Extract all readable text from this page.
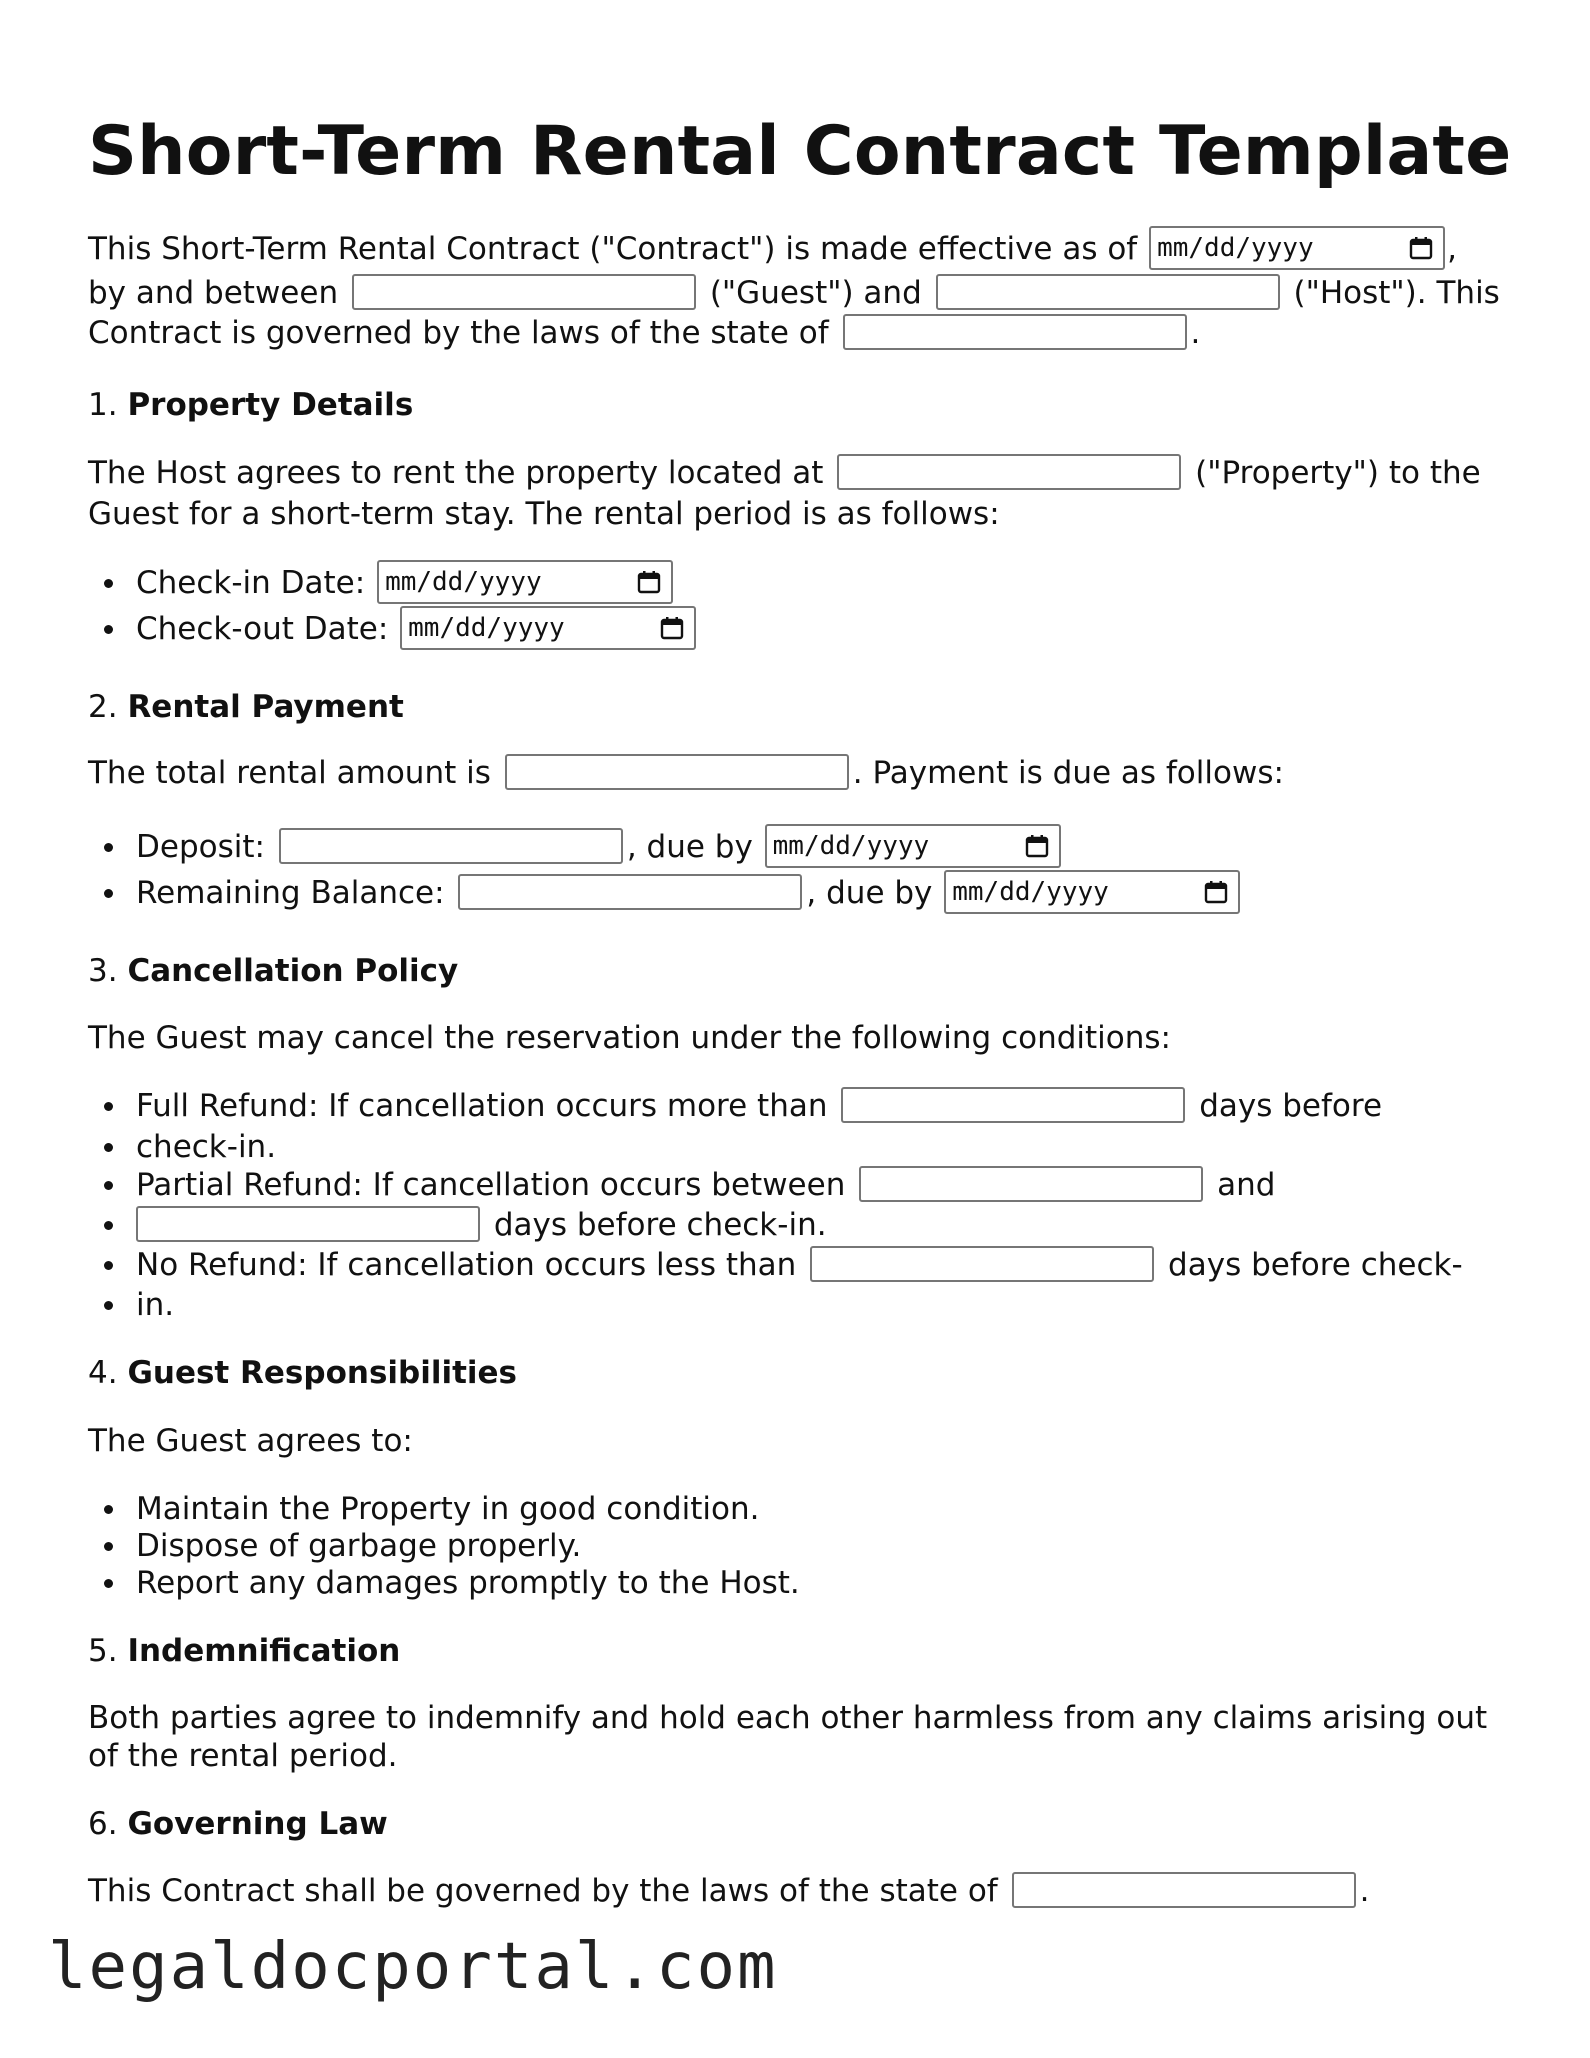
Short-Term Rental Contract Template
This Short-Term Rental Contract ("Contract") is made effective as of mm/dd/yyyy	,
by and between	("Guest") and	("Host"). This
Contract is governed by the laws of the state of	.
1. Property Details
The Host agrees to rent the property located at	("Property") to the
Guest for a short-term stay. The rental period is as follows:
Check-in Date: mm/dd/yyyy
Check-out Date: mm/dd/yyyy
2. Rental Payment
The total rental amount is	. Payment is due as follows:
Deposit:	, due by mm/dd/yyyy
Remaining Balance:	, due by mm/dd/yyyy
3. Cancellation Policy
The Guest may cancel the reservation under the following conditions:
Full Refund: If cancellation occurs more than	days before
check-in.
Partial Refund: If cancellation occurs between	and
days before check-in.
No Refund: If cancellation occurs less than	days before check-
in.
4. Guest Responsibilities
The Guest agrees to:
Maintain the Property in good condition.
Dispose of garbage properly.
Report any damages promptly to the Host.
5. Indemnification
Both parties agree to indemnify and hold each other harmless from any claims arising out
of the rental period.
6. Governing Law
This Contract shall be governed by the laws of the state of	.
legaldocportal.com
